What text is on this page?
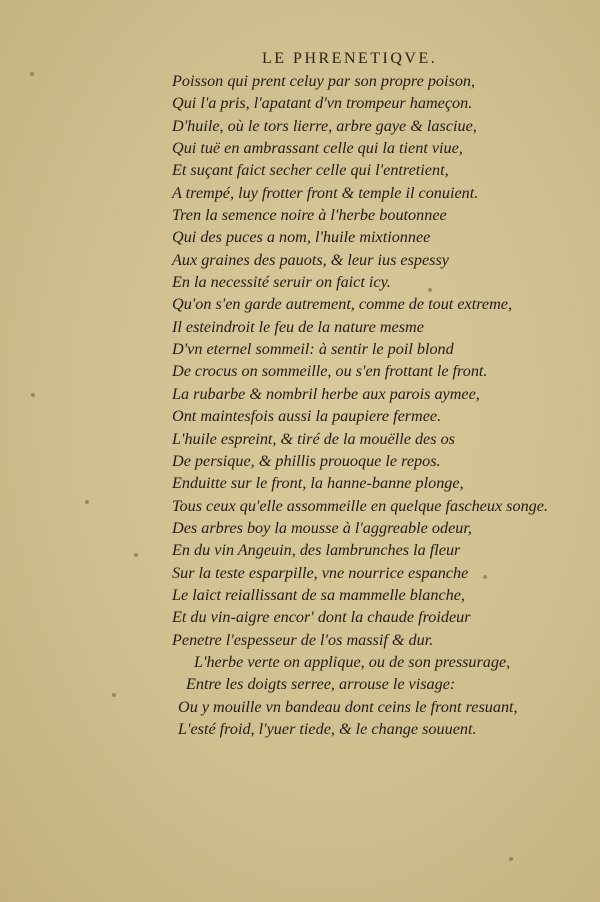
LE PHRENETIQVE.
Poisson qui prent celuy par son propre poison,
Qui l'a pris, l'apatant d'vn trompeur hameçon.
D'huile, où le tors lierre, arbre gaye & lasciue,
Qui tuë en ambrassant celle qui la tient viue,
Et suçant faict secher celle qui l'entretient,
A trempé, luy frotter front & temple il conuient.
Tren la semence noire à l'herbe boutonnee
Qui des puces a nom, l'huile mixtionnee
Aux graines des pauots, & leur ius espessy
En la necessité seruir on faict icy.
Qu'on s'en garde autrement, comme de tout extreme,
Il esteindroit le feu de la nature mesme
D'vn eternel sommeil: à sentir le poil blond
De crocus on sommeille, ou s'en frottant le front.
La rubarbe & nombril herbe aux parois aymee,
Ont maintesfois aussi la paupiere fermee.
L'huile espreint, & tiré de la mouëlle des os
De persique, & phillis prouoque le repos.
Enduitte sur le front, la hanne-banne plonge,
Tous ceux qu'elle assommeille en quelque fascheux songe.
Des arbres boy la mousse à l'aggreable odeur,
En du vin Angeuin, des lambrunches la fleur
Sur la teste esparpille, vne nourrice espanche
Le laict reiallissant de sa mammelle blanche,
Et du vin-aigre encor' dont la chaude froideur
Penetre l'espesseur de l'os massif & dur.
L'herbe verte on applique, ou de son pressurage,
Entre les doigts serree, arrouse le visage:
Ou y mouille vn bandeau dont ceins le front resuant,
L'esté froid, l'yuer tiede, & le change souuent.
